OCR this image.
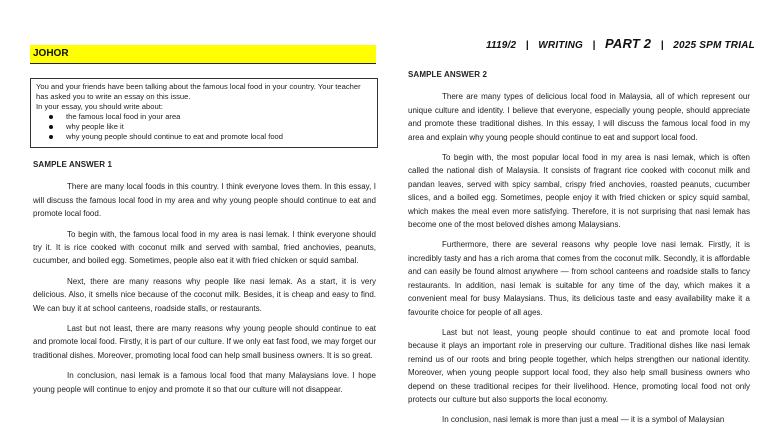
1119/2 | WRITING | PART 2 | 2025 SPM TRIAL
JOHOR

You and your friends have been talking about the famous local food in your country. Your teacher has asked you to write an essay on this issue.

In your essay, you should write about:

the famous local food in your area
why people like it
why young people should continue to eat and promote local food
SAMPLE ANSWER 1

There are many local foods in this country. I think everyone loves them. In this essay, I will discuss the famous local food in my area and why young people should continue to eat and promote local food.

To begin with, the famous local food in my area is nasi lemak. I think everyone should try it. It is rice cooked with coconut milk and served with sambal, fried anchovies, peanuts, cucumber, and boiled egg. Sometimes, people also eat it with fried chicken or squid sambal.

Next, there are many reasons why people like nasi lemak. As a start, it is very delicious. Also, it smells nice because of the coconut milk. Besides, it is cheap and easy to find. We can buy it at school canteens, roadside stalls, or restaurants.

Last but not least, there are many reasons why young people should continue to eat and promote local food. Firstly, it is part of our culture. If we only eat fast food, we may forget our traditional dishes. Moreover, promoting local food can help small business owners. It is so great.

In conclusion, nasi lemak is a famous local food that many Malaysians love. I hope young people will continue to enjoy and promote it so that our culture will not disappear.

SAMPLE ANSWER 2

There are many types of delicious local food in Malaysia, all of which represent our unique culture and identity. I believe that everyone, especially young people, should appreciate and promote these traditional dishes. In this essay, I will discuss the famous local food in my area and explain why young people should continue to eat and support local food.

To begin with, the most popular local food in my area is nasi lemak, which is often called the national dish of Malaysia. It consists of fragrant rice cooked with coconut milk and pandan leaves, served with spicy sambal, crispy fried anchovies, roasted peanuts, cucumber slices, and a boiled egg. Sometimes, people enjoy it with fried chicken or spicy squid sambal, which makes the meal even more satisfying. Therefore, it is not surprising that nasi lemak has become one of the most beloved dishes among Malaysians.

Furthermore, there are several reasons why people love nasi lemak. Firstly, it is incredibly tasty and has a rich aroma that comes from the coconut milk. Secondly, it is affordable and can easily be found almost anywhere — from school canteens and roadside stalls to fancy restaurants. In addition, nasi lemak is suitable for any time of the day, which makes it a convenient meal for busy Malaysians. Thus, its delicious taste and easy availability make it a favourite choice for people of all ages.

Last but not least, young people should continue to eat and promote local food because it plays an important role in preserving our culture. Traditional dishes like nasi lemak remind us of our roots and bring people together, which helps strengthen our national identity. Moreover, when young people support local food, they also help small business owners who depend on these traditional recipes for their livelihood. Hence, promoting local food not only protects our culture but also supports the local economy.

In conclusion, nasi lemak is more than just a meal — it is a symbol of Malaysian
